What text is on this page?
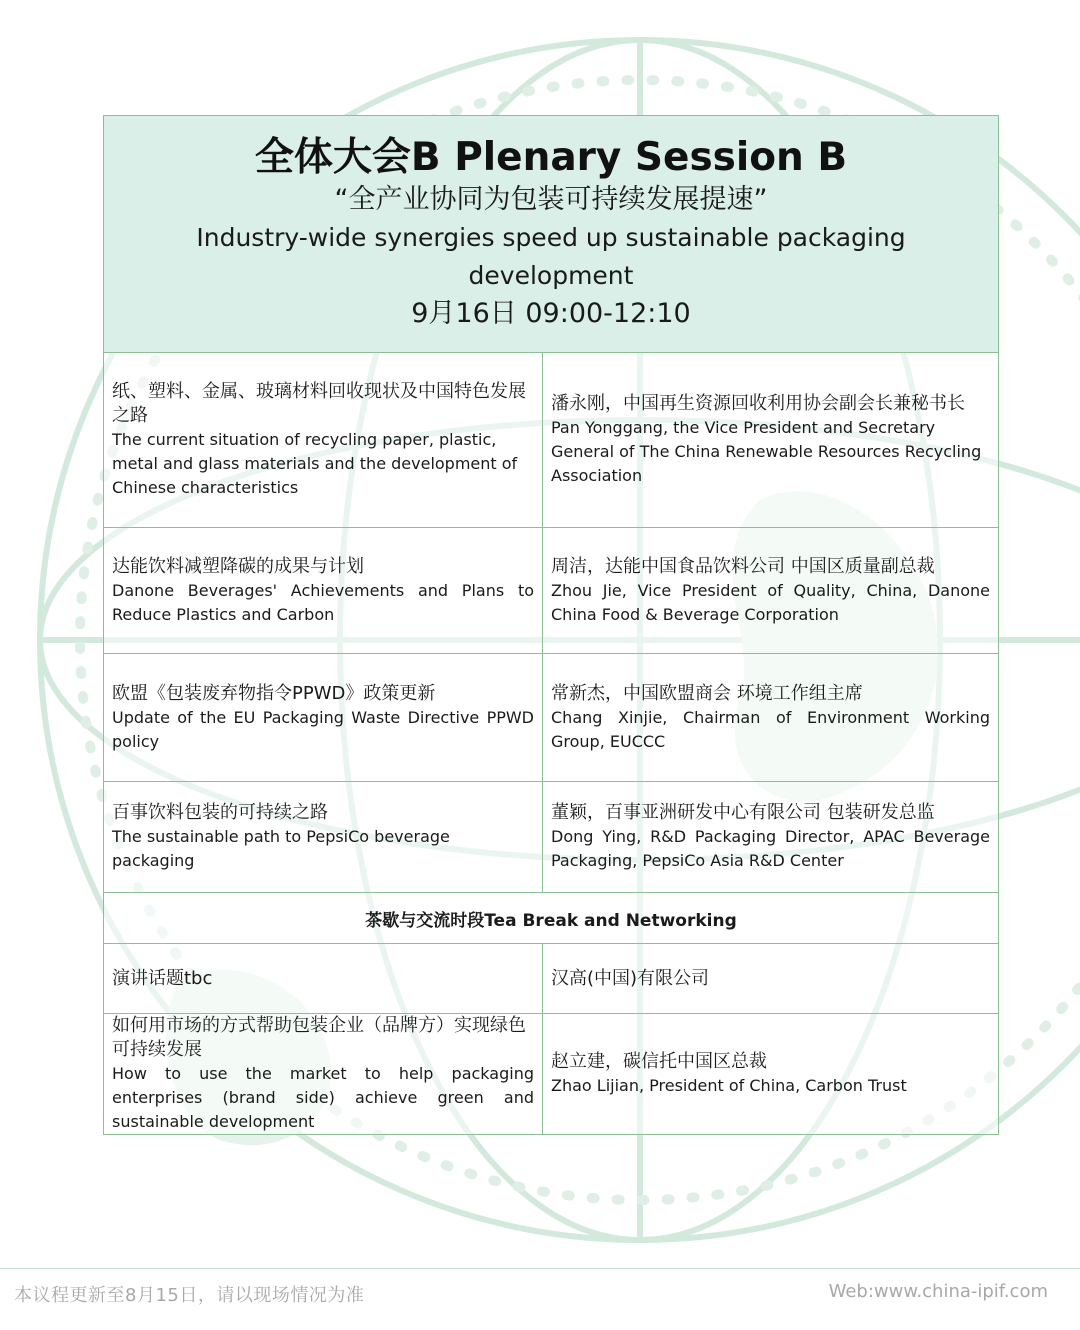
全体大会B Plenary Session B
“全产业协同为包装可持续发展提速”
Industry-wide synergies speed up sustainable packaging development
9月16日 09:00-12:10	

纸、塑料、金属、玻璃材料回收现状及中国特色发展之路
The current situation of recycling paper, plastic, metal and glass materials and the development of Chinese characteristics	潘永刚，中国再生资源回收利用协会副会长兼秘书长
Pan Yonggang, the Vice President and Secretary General of The China Renewable Resources Recycling Association

达能饮料减塑降碳的成果与计划
Danone Beverages' Achievements and Plans to Reduce Plastics and Carbon	周洁，达能中国食品饮料公司 中国区质量副总裁
Zhou Jie, Vice President of Quality, China, Danone China Food & Beverage Corporation

欧盟《包装废弃物指令PPWD》政策更新
Update of the EU Packaging Waste Directive PPWD policy	常新杰，中国欧盟商会 环境工作组主席
Chang Xinjie, Chairman of Environment Working Group, EUCCC

百事饮料包装的可持续之路
The sustainable path to PepsiCo beverage packaging	董颖，百事亚洲研发中心有限公司 包装研发总监
Dong Ying, R&D Packaging Director, APAC Beverage Packaging, PepsiCo Asia R&D Center

茶歇与交流时段Tea Break and Networking	

演讲话题tbc	汉高(中国)有限公司

如何用市场的方式帮助包装企业（品牌方）实现绿色可持续发展
How to use the market to help packaging enterprises (brand side) achieve green and sustainable development	赵立建，碳信托中国区总裁
Zhao Lijian, President of China, Carbon Trust
本议程更新至8月15日，请以现场情况为准	Web:www.china-ipif.com
